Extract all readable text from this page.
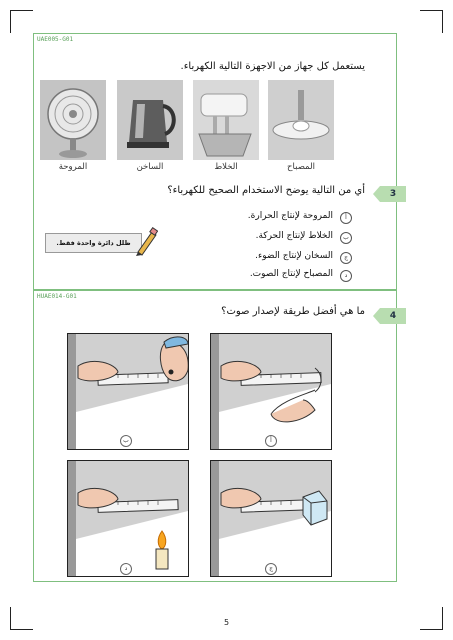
UAE005-G01
يستعمل كل جهاز من الاجهزة التالية الكهرباء.
المصباح
الخلاط
الساخن
المروحة
3
أي من التالية يوضح الاستخدام الصحيح للكهرباء؟
أ
المروحة لإنتاج الحرارة.
ب
الخلاط لإنتاج الحركة.
ج
السخان لإنتاج الضوء.
د
المصباح لإنتاج الصوت.
ظلل دائرة واحدة فقط.
HUAE014-G01
4
ما هي أفضل طريقة لإصدار صوت؟
أ
ب
ج
د
5
